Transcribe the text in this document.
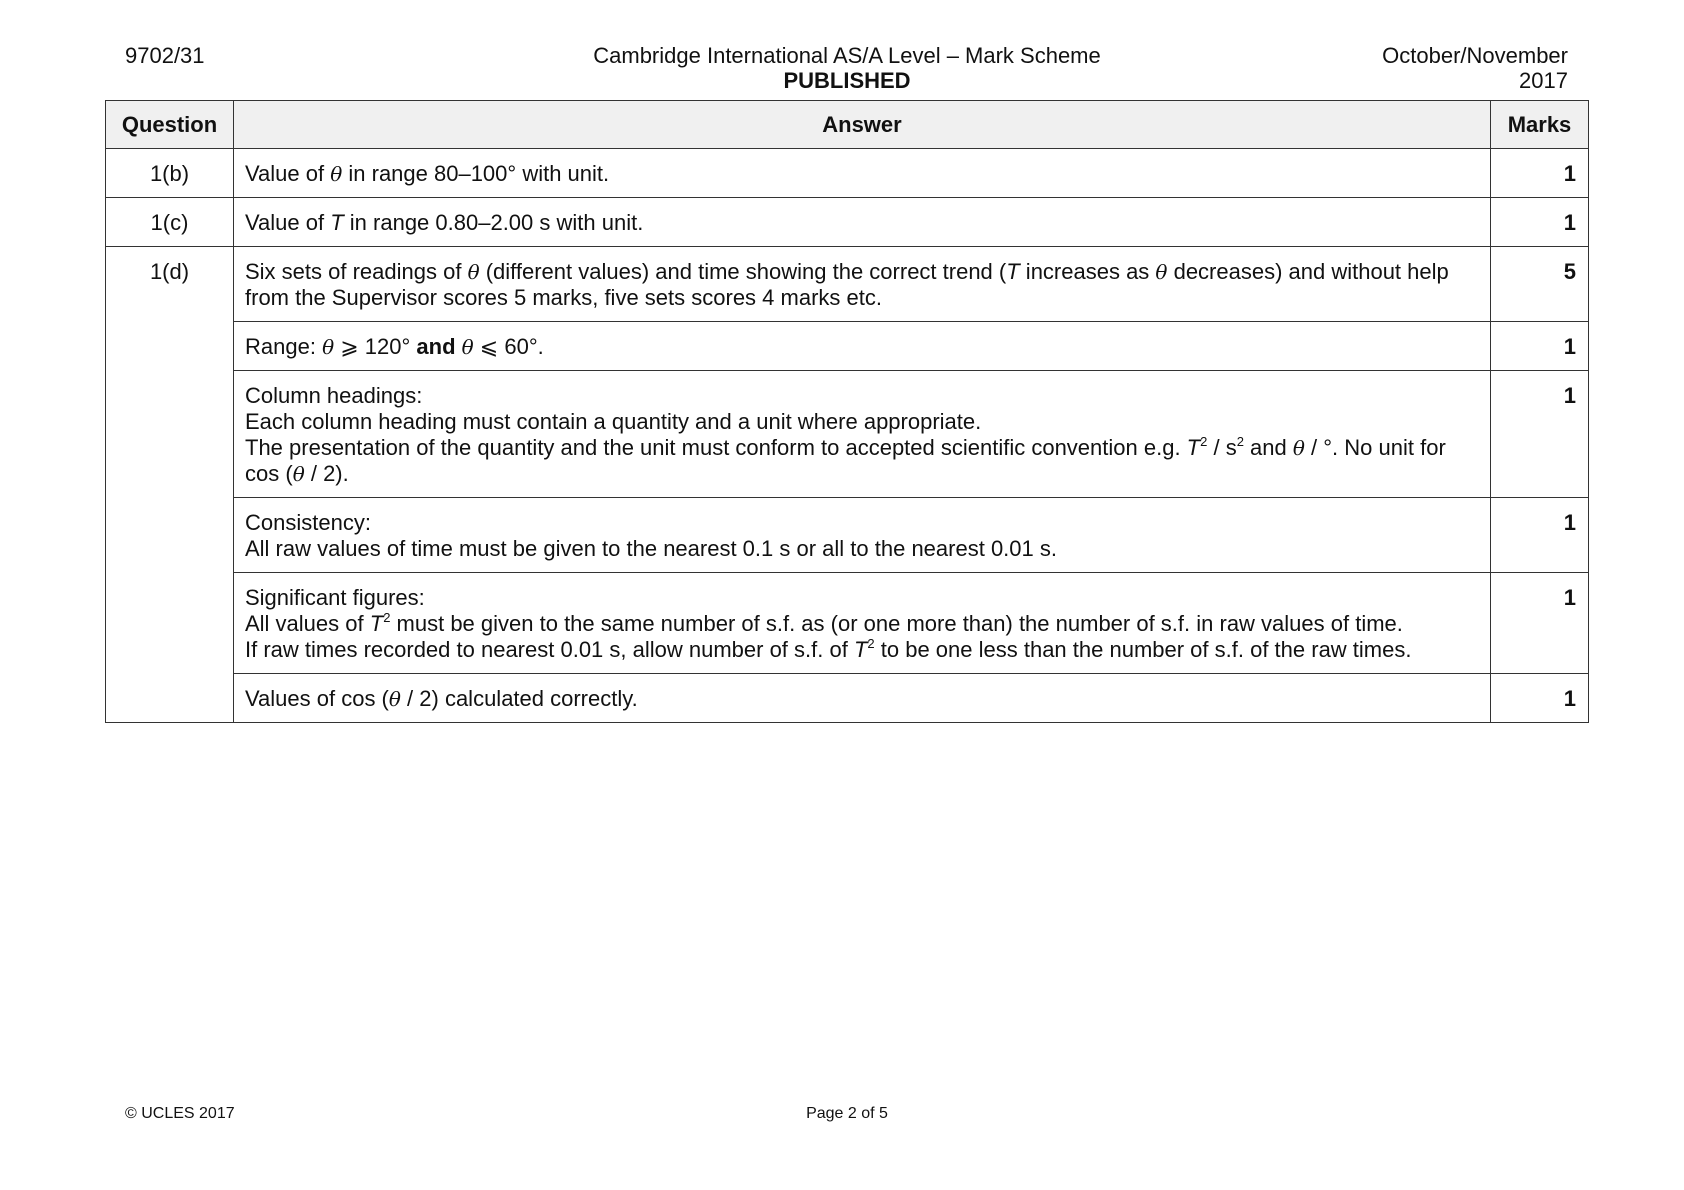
9702/31	Cambridge International AS/A Level – Mark Scheme
PUBLISHED
October/November
2017
Question	Answer	Marks
1(b)	Value of θ in range 80–100° with unit.	1
1(c)	Value of T in range 0.80–2.00 s with unit.	1
1(d)	Six sets of readings of θ (different values) and time showing the correct trend (T increases as θ decreases) and without help
from the Supervisor scores 5 marks, five sets scores 4 marks etc.	5
	Range: θ ⩾ 120° and θ ⩽ 60°.	1

	Column headings:
Each column heading must contain a quantity and a unit where appropriate.
The presentation of the quantity and the unit must conform to accepted scientific convention e.g. $T^2 / s^2$ and θ / °. No unit for
cos (θ / 2).	1

	Consistency:
All raw values of time must be given to the nearest 0.1 s or all to the nearest 0.01 s.	1

	Significant figures:
All values of $T^2$ must be given to the same number of s.f. as (or one more than) the number of s.f. in raw values of time.
If raw times recorded to nearest 0.01 s, allow number of s.f. of $T^2$ to be one less than the number of s.f. of the raw times.	1
	Values of cos (θ / 2) calculated correctly.	1
© UCLES 2017	Page 2 of 5
